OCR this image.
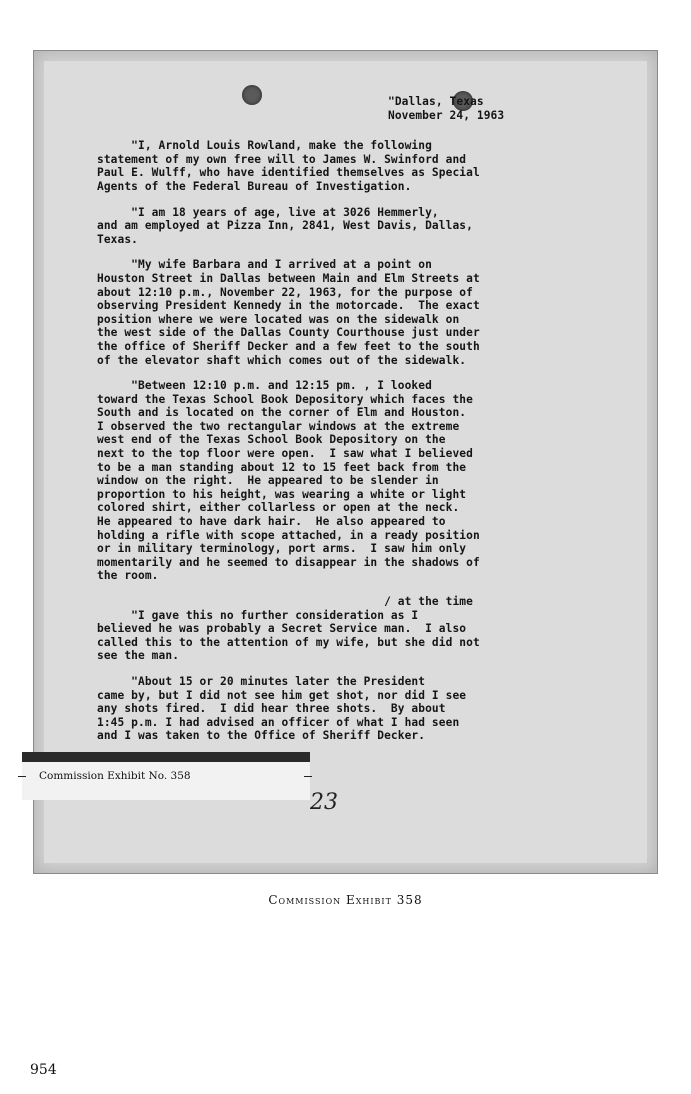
"Dallas, Texas
November 24, 1963

"I, Arnold Louis Rowland, make the following
statement of my own free will to James W. Swinford and
Paul E. Wulff, who have identified themselves as Special
Agents of the Federal Bureau of Investigation.

"I am 18 years of age, live at 3026 Hemmerly,
and am employed at Pizza Inn, 2841, West Davis, Dallas,
Texas.

"My wife Barbara and I arrived at a point on
Houston Street in Dallas between Main and Elm Streets at
about 12:10 p.m., November 22, 1963, for the purpose of
observing President Kennedy in the motorcade.  The exact
position where we were located was on the sidewalk on
the west side of the Dallas County Courthouse just under
the office of Sheriff Decker and a few feet to the south
of the elevator shaft which comes out of the sidewalk.

"Between 12:10 p.m. and 12:15 pm. , I looked
toward the Texas School Book Depository which faces the
South and is located on the corner of Elm and Houston.
I observed the two rectangular windows at the extreme
west end of the Texas School Book Depository on the
next to the top floor were open.  I saw what I believed
to be a man standing about 12 to 15 feet back from the
window on the right.  He appeared to be slender in
proportion to his height, was wearing a white or light
colored shirt, either collarless or open at the neck.
He appeared to have dark hair.  He also appeared to
holding a rifle with scope attached, in a ready position
or in military terminology, port arms.  I saw him only
momentarily and he seemed to disappear in the shadows of
the room.

/ at the time
"I gave this no further consideration as I
believed he was probably a Secret Service man.  I also
called this to the attention of my wife, but she did not
see the man.

"About 15 or 20 minutes later the President
came by, but I did not see him get shot, nor did I see
any shots fired.  I did hear three shots.  By about
1:45 p.m. I had advised an officer of what I had seen
and I was taken to the Office of Sheriff Decker.

Commission Exhibit No. 358
23
Commission Exhibit 358
954
